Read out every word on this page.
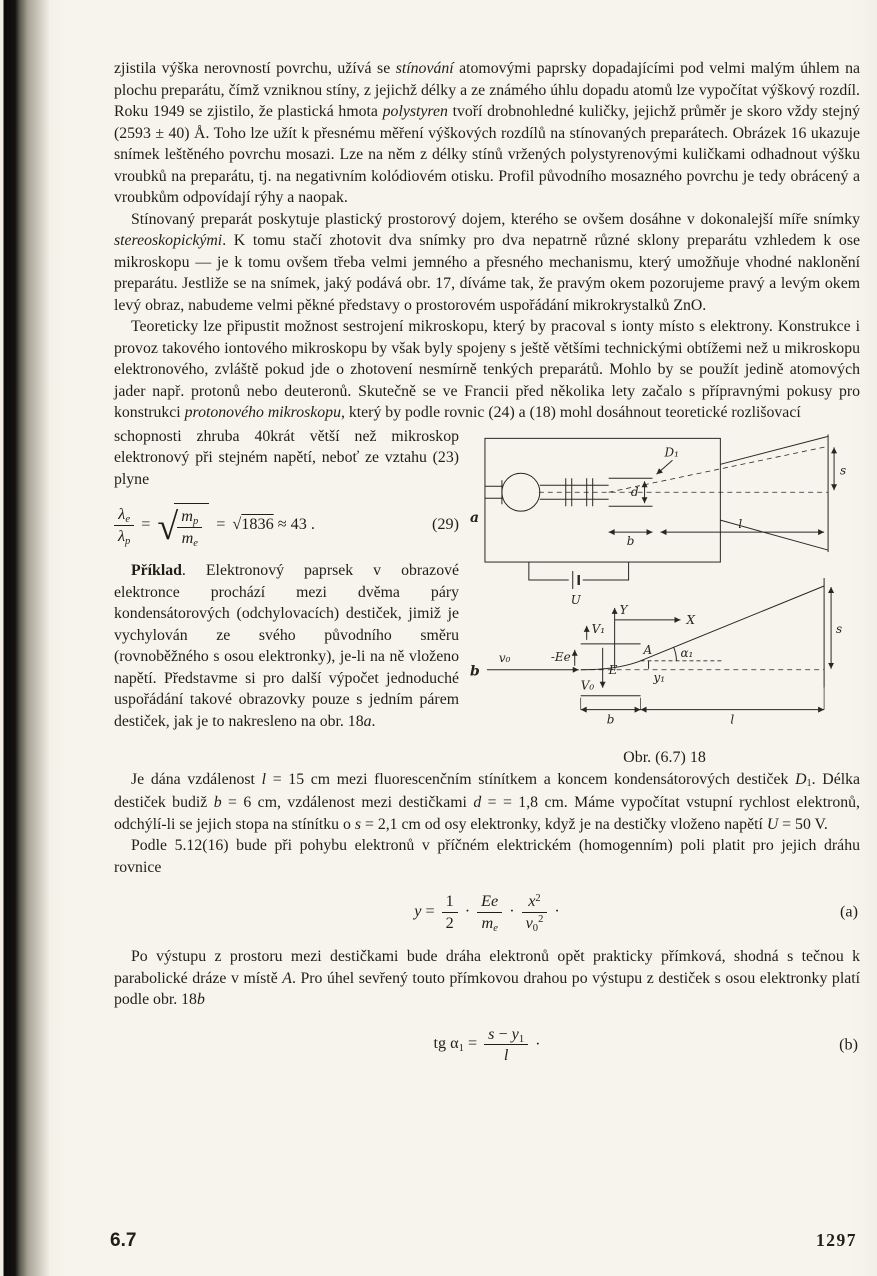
zjistila výška nerovností povrchu, užívá se stínování atomovými paprsky dopadajícími pod velmi malým úhlem na plochu preparátu, čímž vzniknou stíny, z jejichž délky a ze známého úhlu dopadu atomů lze vypočítat výškový rozdíl. Roku 1949 se zjistilo, že plastická hmota polystyren tvoří drobnohledné kuličky, jejichž průměr je skoro vždy stejný (2593 ± 40) Å. Toho lze užít k přesnému měření výškových rozdílů na stínovaných preparátech. Obrázek 16 ukazuje snímek leštěného povrchu mosazi. Lze na něm z délky stínů vržených polystyrenovými kuličkami odhadnout výšku vroubků na preparátu, tj. na negativním kolódiovém otisku. Profil původního mosazného povrchu je tedy obrácený a vroubkům odpovídají rýhy a naopak.

Stínovaný preparát poskytuje plastický prostorový dojem, kterého se ovšem dosáhne v dokonalejší míře snímky stereoskopickými. K tomu stačí zhotovit dva snímky pro dva nepatrně různé sklony preparátu vzhledem k ose mikroskopu — je k tomu ovšem třeba velmi jemného a přesného mechanismu, který umožňuje vhodné naklonění preparátu. Jestliže se na snímek, jaký podává obr. 17, díváme tak, že pravým okem pozorujeme pravý a levým okem levý obraz, nabudeme velmi pěkné představy o prostorovém uspořádání mikrokrystalků ZnO.

Teoreticky lze připustit možnost sestrojení mikroskopu, který by pracoval s ionty místo s elektrony. Konstrukce i provoz takového iontového mikroskopu by však byly spojeny s ještě většími technickými obtížemi než u mikroskopu elektronového, zvláště pokud jde o zhotovení nesmírně tenkých preparátů. Mohlo by se použít jedině atomových jader např. protonů nebo deuteronů. Skutečně se ve Francii před několika lety začalo s přípravnými pokusy pro konstrukci protonového mikroskopu, který by podle rovnic (24) a (18) mohl dosáhnout teoretické rozlišovací

schopnosti zhruba 40krát větší než mikroskop elektronový při stejném napětí, neboť ze vztahu (23) plyne

$\frac{\lambda_e}{\lambda_p}$ = √ $\frac{m_p}{m_e} = √1836 \approx 43$ .	(29)

Příklad. Elektronový paprsek v obrazové elektronce prochází mezi dvěma páry kondensátorových (odchylovacích) destiček, jimiž je vychylován ze svého původního směru (rovnoběžného s osou elektronky), je-li na ně vloženo napětí. Představme si pro další výpočet jednoduché uspořádání takové obrazovky pouze s jedním párem destiček, jak je to nakresleno na obr. 18a.

a
D₁
d
b
l
s
U
b
v₀
V₁
-Ee
E
V₀
Y
X
A α₁
y₁
s
b	l
Obr. (6.7) 18

Je dána vzdálenost l = 15 cm mezi fluorescenčním stínítkem a koncem kondensátorových destiček $D_1$. Délka destiček budiž b = 6 cm, vzdálenost mezi destičkami d = = 1,8 cm. Máme vypočítat vstupní rychlost elektronů, odchýlí-li se jejich stopa na stínítku o s = 2,1 cm od osy elektronky, když je na destičky vloženo napětí U = 50 V.

Podle 5.12(16) bude při pohybu elektronů v příčném elektrickém (homogenním) poli platit pro jejich dráhu rovnice

$y = \frac{1}{2} \cdot \frac{Ee}{m_e} \cdot \frac{x^2}{v_0^2}$ ·	(a)

Po výstupu z prostoru mezi destičkami bude dráha elektronů opět prakticky přímková, shodná s tečnou k parabolické dráze v místě A. Pro úhel sevřený touto přímkovou drahou po výstupu z destiček s osou elektronky platí podle obr. 18b

tg $\alpha_1 = \frac{s - y_1}{l}$ ·	(b)
6.7	1297
